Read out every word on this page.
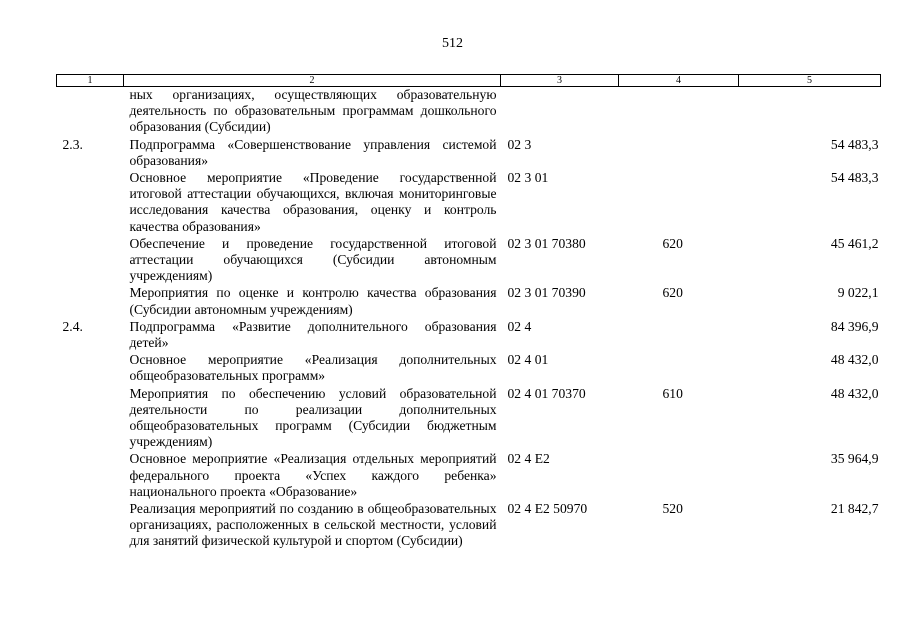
512
1	2	3	4	5
	ных организациях, осуществляющих образовательную деятельность по образовательным программам дошкольного образования (Субсидии)			
2.3.	Подпрограмма «Совершенствование управления системой образования»	02 3		54 483,3
	Основное мероприятие «Проведение государственной итоговой аттестации обучающихся, включая мониторинговые исследования качества образования, оценку и контроль качества образования»	02 3 01		54 483,3
	Обеспечение и проведение государственной итоговой аттестации обучающихся (Субсидии автономным учреждениям)	02 3 01 70380	620	45 461,2
	Мероприятия по оценке и контролю качества образования (Субсидии автономным учреждениям)	02 3 01 70390	620	9 022,1
2.4.	Подпрограмма «Развитие дополнительного образования детей»	02 4		84 396,9
	Основное мероприятие «Реализация дополнительных общеобразовательных программ»	02 4 01		48 432,0
	Мероприятия по обеспечению условий образовательной деятельности по реализации дополнительных общеобразовательных программ (Субсидии бюджетным учреждениям)	02 4 01 70370	610	48 432,0
	Основное мероприятие «Реализация отдельных мероприятий федерального проекта «Успех каждого ребенка» национального проекта «Образование»	02 4 E2		35 964,9
	Реализация мероприятий по созданию в общеобразовательных организациях, расположенных в сельской местности, условий для занятий физической культурой и спортом (Субсидии)	02 4 E2 50970	520	21 842,7
